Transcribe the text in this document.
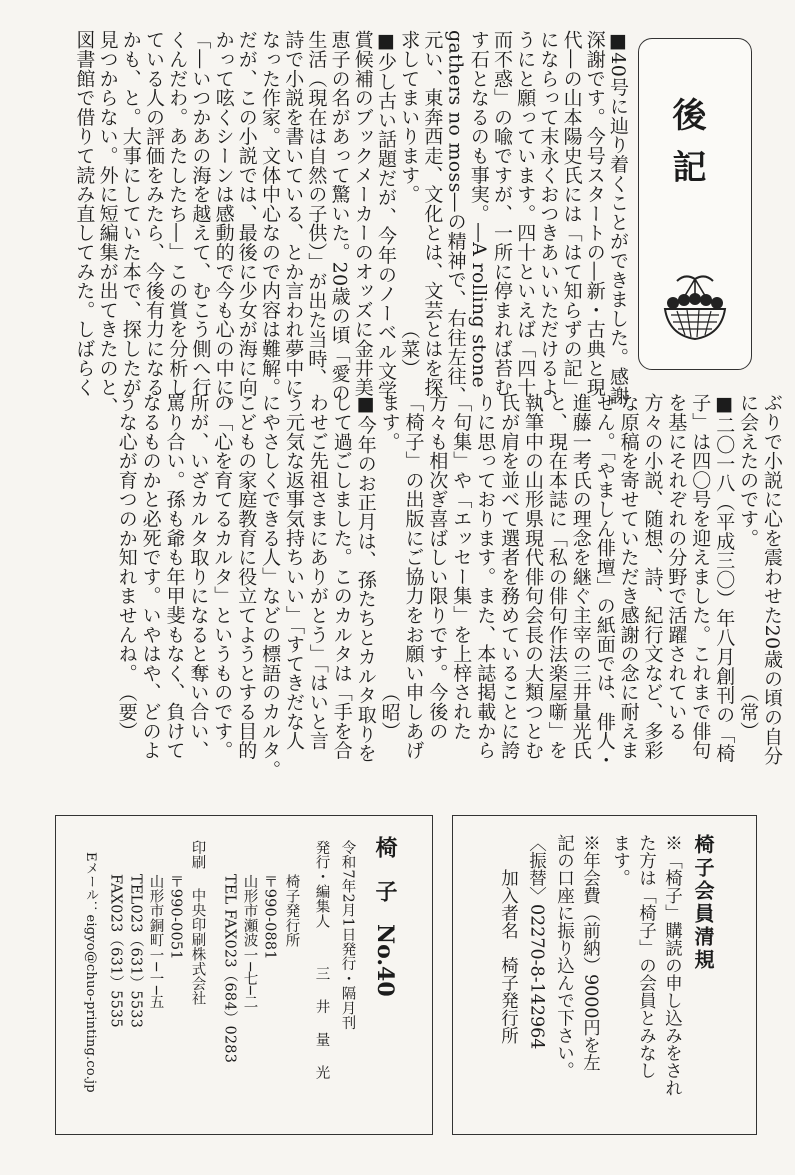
後記
■40号に辿り着くことができました。感謝
深謝です。今号スタートの―新・古典と現
代―の山本陽史氏には「はて知らずの記」
にならって末永くおつきあいいただけるよ
うにと願っています。四十といえば「四十
而不惑」の喩ですが、一所に停まれば苔む
す石となるのも事実。―A rolling stone
gathers no moss―の精神で、右往左往、
元い、東奔西走、文化とは、文芸とはを探
求してまいります。　　　　　　　（菜）
■少し古い話題だが、今年のノーベル文学
賞候補のブックメーカーのオッズに金井美
恵子の名があって驚いた。20歳の頃「愛の
生活（現在は自然の子供）」が出た当時、
詩で小説を書いている、とか言われ夢中に
なった作家。文体中心なので内容は難解。
だが、この小説では、最後に少女が海に向
かって呟くシーンは感動的で今も心の中に。
「―いつかあの海を越えて、むこう側へ行
くんだわ。あたしたち―」この賞を分析し
ている人の評価をみたら、今後有力になる
かも、と。大事にしていた本で、探したが
見つからない。外に短編集が出てきたのと、
図書館で借りて読み直してみた。しばらく
ぶりで小説に心を震わせた20歳の頃の自分
に会えたのです。　　　　　　　　（常）
■二〇一八（平成三〇）年八月創刊の「椅
子」は四〇号を迎えました。これまで俳句
を基にそれぞれの分野で活躍されている
方々の小説、随想、詩、紀行文など、多彩
な原稿を寄せていただき感謝の念に耐えま
せん。「やましん俳壇」の紙面では、俳人・
進藤一考氏の理念を継ぐ主宰の三井量光氏
と、現在本誌に「私の俳句作法楽屋噺」を
執筆中の山形県現代俳句会長の大類つとむ
氏が肩を並べて選者を務めていることに誇
りに思っております。また、本誌掲載から
「句集」や「エッセー集」を上梓された
方々も相次ぎ喜ばしい限りです。今後の
「椅子」の出版にご協力をお願い申しあげ
ます。　　　　　　　　　　　　　（昭）
■今年のお正月は、孫たちとカルタ取りを
して過ごしました。このカルタは「手を合
わせご先祖さまにありがとう」「はいと言
う元気な返事気持ちいい」「すてきだな人
にやさしくできる人」などの標語のカルタ。
こどもの家庭教育に役立てようとする目的
の「心を育てるカルタ」というものです。
所が、いざカルタ取りになると奪い合い、
罵り合い。孫も爺も年甲斐もなく、負けて
なるものかと必死です。いやはや、どのよ
うな心が育つのか知れませんね。　（要）
椅子会員清規
※「椅子」購読の申し込みをされ
た方は「椅子」の会員とみなし
ます。
※年会費（前納）9000円を左
記の口座に振り込んで下さい。
〈振替〉02270-8-142964
　　加入者名　椅子発行所
椅　子　No.40
令和7年2月1日発行・隔月刊
発行・編集人
三　井　量　光
椅子発行所
〒990-0881
山形市瀬波一─七─二
TEL FAX023（684）0283
印刷
中央印刷株式会社
〒990-0051
山形市銅町一─一─五
TEL023（631）5533
FAX023（631）5535
Eメール：eigyo@chuo-printing.co.jp
